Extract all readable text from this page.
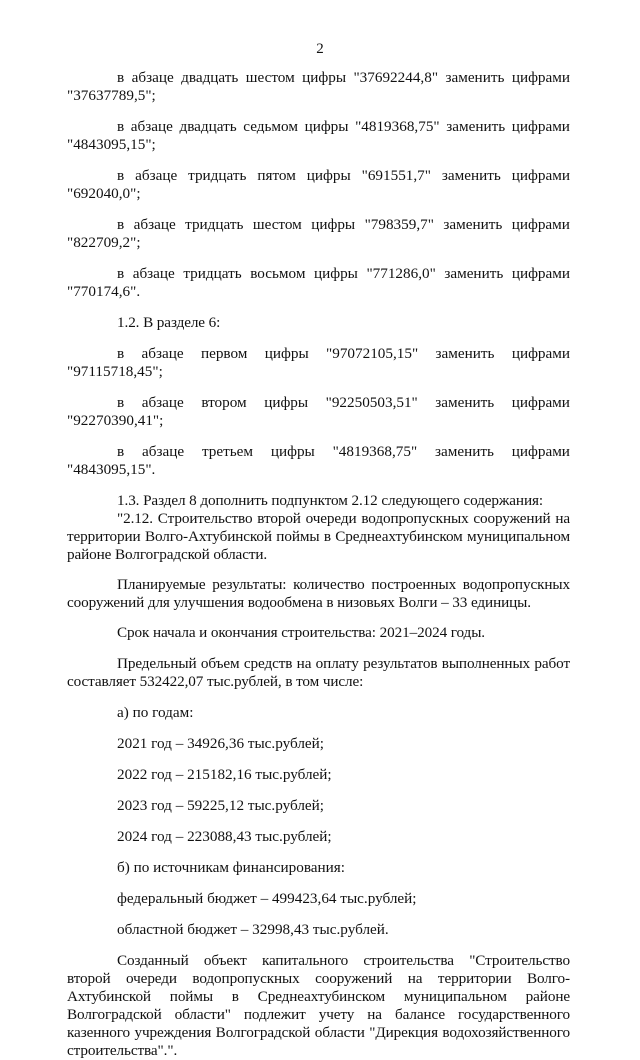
2
в абзаце двадцать шестом цифры "37692244,8" заменить цифрами

"37637789,5";

в абзаце двадцать седьмом цифры "4819368,75" заменить цифрами

"4843095,15";

в абзаце тридцать пятом цифры "691551,7" заменить цифрами

"692040,0";

в абзаце тридцать шестом цифры "798359,7" заменить цифрами

"822709,2";

в абзаце тридцать восьмом цифры "771286,0" заменить цифрами

"770174,6".

1.2. В разделе 6:

в абзаце первом цифры "97072105,15" заменить цифрами

"97115718,45";

в абзаце втором цифры "92250503,51" заменить цифрами

"92270390,41";

в абзаце третьем цифры "4819368,75" заменить цифрами

"4843095,15".

1.3. Раздел 8 дополнить подпунктом 2.12 следующего содержания:

"2.12. Строительство второй очереди водопропускных сооружений на территории Волго-Ахтубинской поймы в Среднеахтубинском муниципальном районе Волгоградской области.

Планируемые результаты: количество построенных водопропускных сооружений для улучшения водообмена в низовьях Волги – 33 единицы.

Срок начала и окончания строительства: 2021–2024 годы.

Предельный объем средств на оплату результатов выполненных работ составляет 532422,07 тыс.рублей, в том числе:

а) по годам:

2021 год – 34926,36 тыс.рублей;

2022 год – 215182,16 тыс.рублей;

2023 год – 59225,12 тыс.рублей;

2024 год – 223088,43 тыс.рублей;

б) по источникам финансирования:

федеральный бюджет – 499423,64 тыс.рублей;

областной бюджет – 32998,43 тыс.рублей.

Созданный объект капитального строительства "Строительство второй очереди водопропускных сооружений на территории Волго-Ахтубинской поймы в Среднеахтубинском муниципальном районе Волгоградской области" подлежит учету на балансе государственного казенного учреждения Волгоградской области "Дирекция водохозяйственного строительства".".
